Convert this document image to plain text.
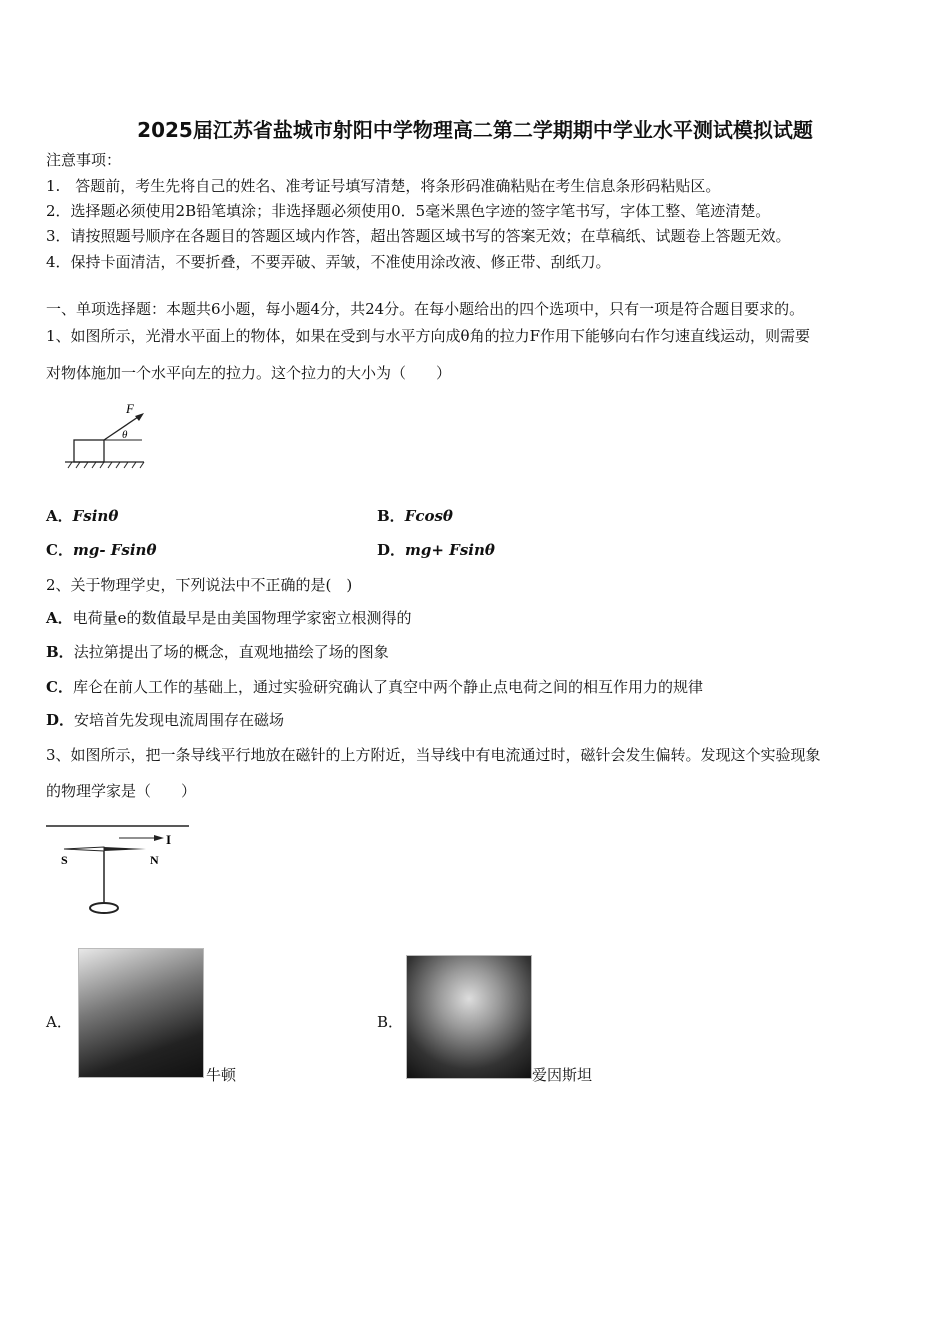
2025届江苏省盐城市射阳中学物理高二第二学期期中学业水平测试模拟试题
注意事项：
1.　答题前，考生先将自己的姓名、准考证号填写清楚，将条形码准确粘贴在考生信息条形码粘贴区。
2．选择题必须使用2B铅笔填涂；非选择题必须使用0．5毫米黑色字迹的签字笔书写，字体工整、笔迹清楚。
3．请按照题号顺序在各题目的答题区域内作答，超出答题区域书写的答案无效；在草稿纸、试题卷上答题无效。
4．保持卡面清洁，不要折叠，不要弄破、弄皱，不准使用涂改液、修正带、刮纸刀。
一、单项选择题：本题共6小题，每小题4分，共24分。在每小题给出的四个选项中，只有一项是符合题目要求的。
1、如图所示，光滑水平面上的物体，如果在受到与水平方向成θ角的拉力F作用下能够向右作匀速直线运动，则需要
对物体施加一个水平向左的拉力。这个拉力的大小为（　　）
F
θ
A．Fsinθ	B．Fcosθ
C．mg- Fsinθ	D．mg+ Fsinθ
2、关于物理学史，下列说法中不正确的是(　)
A．电荷量e的数值最早是由美国物理学家密立根测得的
B．法拉第提出了场的概念，直观地描绘了场的图象
C．库仑在前人工作的基础上，通过实验研究确认了真空中两个静止点电荷之间的相互作用力的规律
D．安培首先发现电流周围存在磁场
3、如图所示，把一条导线平行地放在磁针的上方附近，当导线中有电流通过时，磁针会发生偏转。发现这个实验现象
的物理学家是（　　）
I
S	N
A．
牛顿
B．
爱因斯坦
